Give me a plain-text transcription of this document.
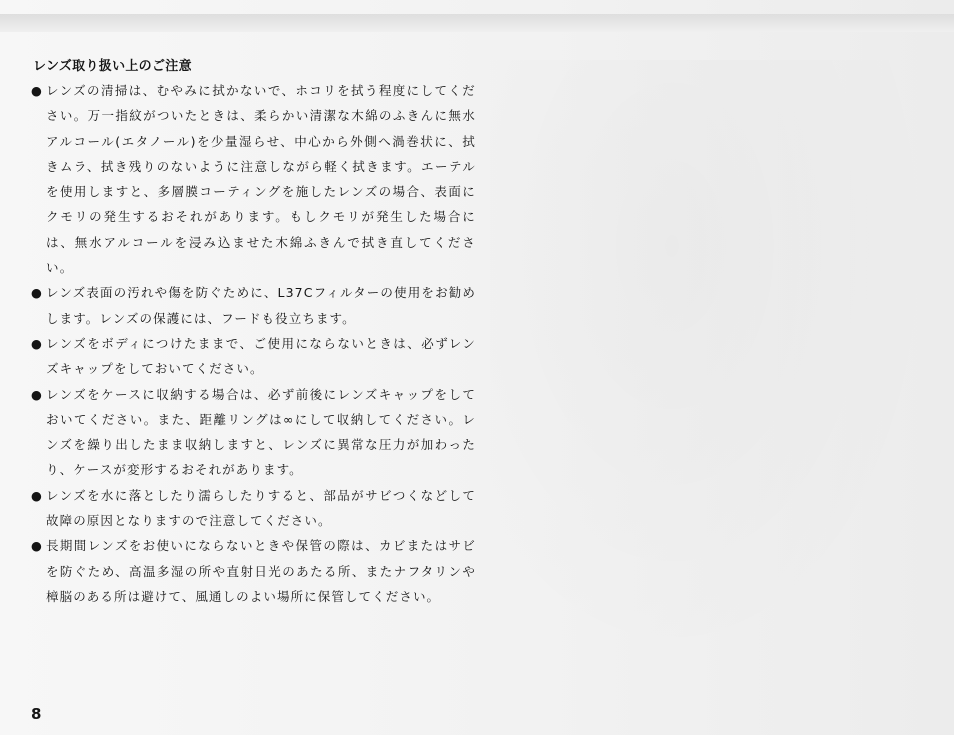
レンズ取り扱い上のご注意
● レンズの清掃は、むやみに拭かないで、ホコリを拭う程度にしてください。万一指紋がついたときは、柔らかい清潔な木綿のふきんに無水アルコール(エタノール)を少量湿らせ、中心から外側へ渦巻状に、拭きムラ、拭き残りのないように注意しながら軽く拭きます。エーテルを使用しますと、多層膜コーティングを施したレンズの場合、表面にクモリの発生するおそれがあります。もしクモリが発生した場合には、無水アルコールを浸み込ませた木綿ふきんで拭き直してください。
● レンズ表面の汚れや傷を防ぐために、L37Cフィルターの使用をお勧めします。レンズの保護には、フードも役立ちます。
● レンズをボディにつけたままで、ご使用にならないときは、必ずレンズキャップをしておいてください。
● レンズをケースに収納する場合は、必ず前後にレンズキャップをしておいてください。また、距離リングは∞にして収納してください。レンズを繰り出したまま収納しますと、レンズに異常な圧力が加わったり、ケースが変形するおそれがあります。
● レンズを水に落としたり濡らしたりすると、部品がサビつくなどして故障の原因となりますので注意してください。
● 長期間レンズをお使いにならないときや保管の際は、カビまたはサビを防ぐため、高温多湿の所や直射日光のあたる所、またナフタリンや樟脳のある所は避けて、風通しのよい場所に保管してください。
8
